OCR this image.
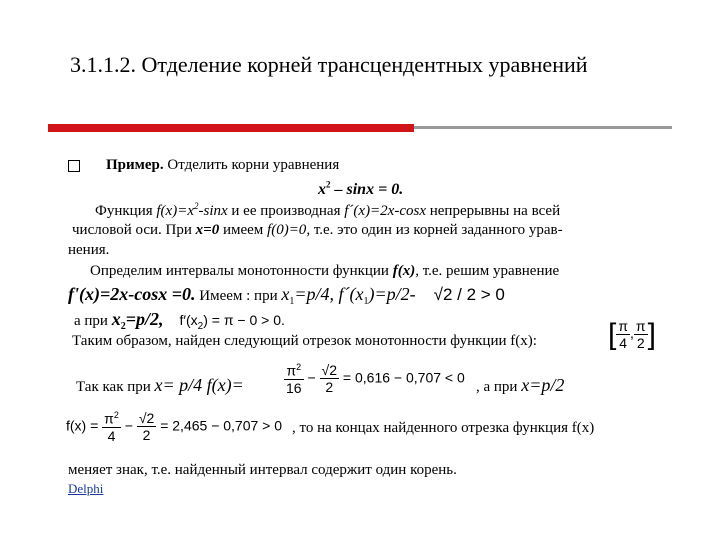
3.1.1.2. Отделение корней трансцендентных уравнений
Пример. Отделить корни уравнения
$x^2 - \sin x = 0$.
Функция $f(x)=x^2$-sinx и ее производная f´(x)=2x-cosx непрерывны на всей
числовой оси. При x=0 имеем f(0)=0, т.е. это один из корней заданного урав-
нения.
Определим интервалы монотонности функции f(x), т.е. решим уравнение
f'(x)=2x-cosx =0. Имеем : при $x_1=р/4$, $f´(x_1)=р/2-$ √2 / 2 > 0
а при $x_2=р/2$, $f'(x_2) = \pi - 0 > 0$.
Таким образом, найден следующий отрезок монотонности функции f(x): [ $\frac{\pi}{4}$ , $\frac{\pi}{2}$ ]
Так как при x= р/4 f(x)=	$\frac{\pi^2}{16} - \frac{√2}{2} = 0,616 - 0,707 < 0$
, а при x=р/2
$f(x) = \frac{\pi^2}{4} - \frac{√2}{2} = 2,465 - 0,707 > 0$ , то на концах найденного отрезка функция f(x)
меняет знак, т.е. найденный интервал содержит один корень.
Delphi
